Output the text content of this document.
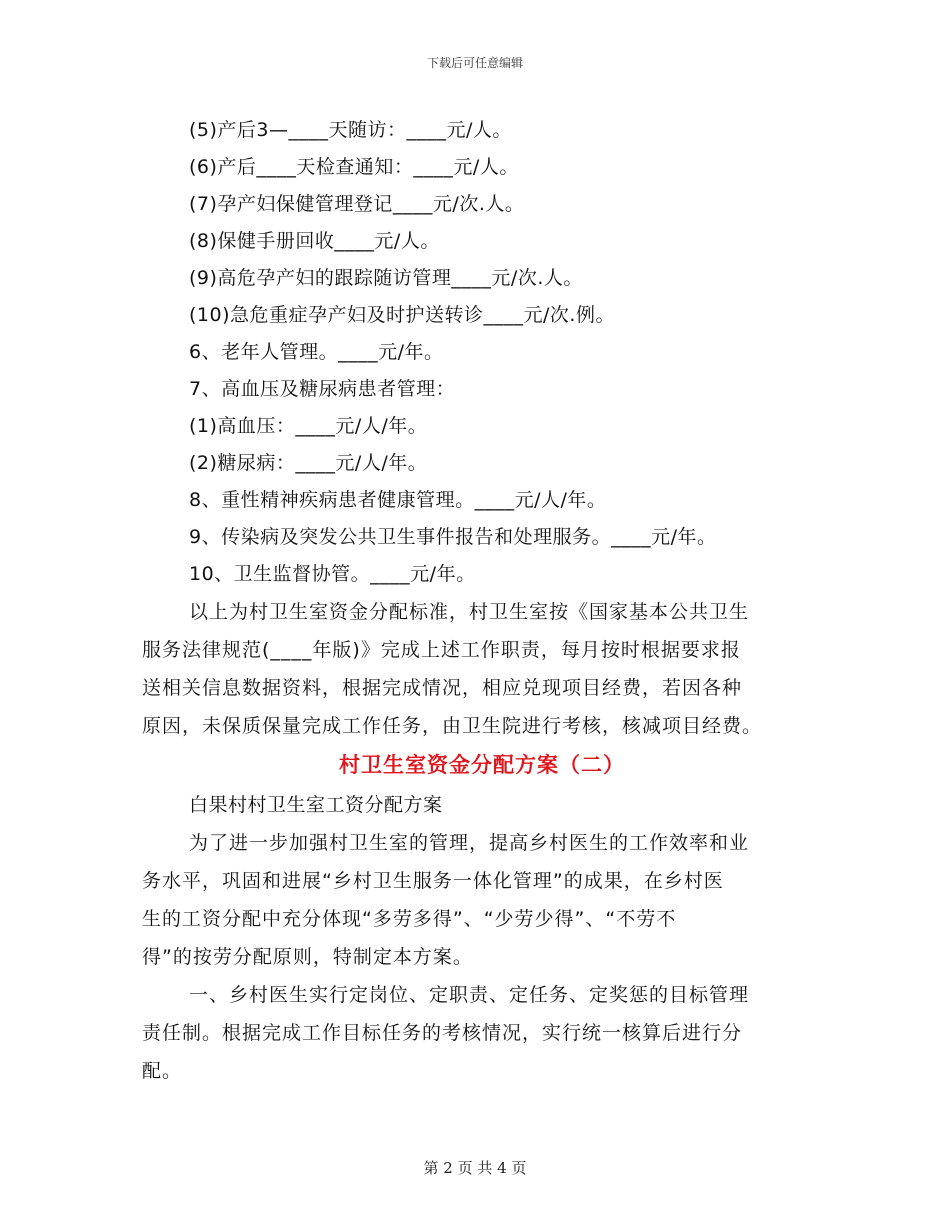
下载后可任意编辑
(5)产后3—____天随访：____元/人。
(6)产后____天检查通知：____元/人。
(7)孕产妇保健管理登记____元/次.人。
(8)保健手册回收____元/人。
(9)高危孕产妇的跟踪随访管理____元/次.人。
(10)急危重症孕产妇及时护送转诊____元/次.例。
6、老年人管理。____元/年。
7、高血压及糖尿病患者管理：
(1)高血压：____元/人/年。
(2)糖尿病：____元/人/年。
8、重性精神疾病患者健康管理。____元/人/年。
9、传染病及突发公共卫生事件报告和处理服务。____元/年。
10、卫生监督协管。____元/年。
以上为村卫生室资金分配标准，村卫生室按《国家基本公共卫生
服务法律规范(____年版)》完成上述工作职责，每月按时根据要求报
送相关信息数据资料，根据完成情况，相应兑现项目经费，若因各种
原因，未保质保量完成工作任务，由卫生院进行考核，核减项目经费。
村卫生室资金分配方案（二）
白果村村卫生室工资分配方案
为了进一步加强村卫生室的管理，提高乡村医生的工作效率和业
务水平，巩固和进展“乡村卫生服务一体化管理”的成果，在乡村医
生的工资分配中充分体现“多劳多得”、“少劳少得”、“不劳不
得”的按劳分配原则，特制定本方案。
一、乡村医生实行定岗位、定职责、定任务、定奖惩的目标管理
责任制。根据完成工作目标任务的考核情况，实行统一核算后进行分
配。
第 2 页 共 4 页
